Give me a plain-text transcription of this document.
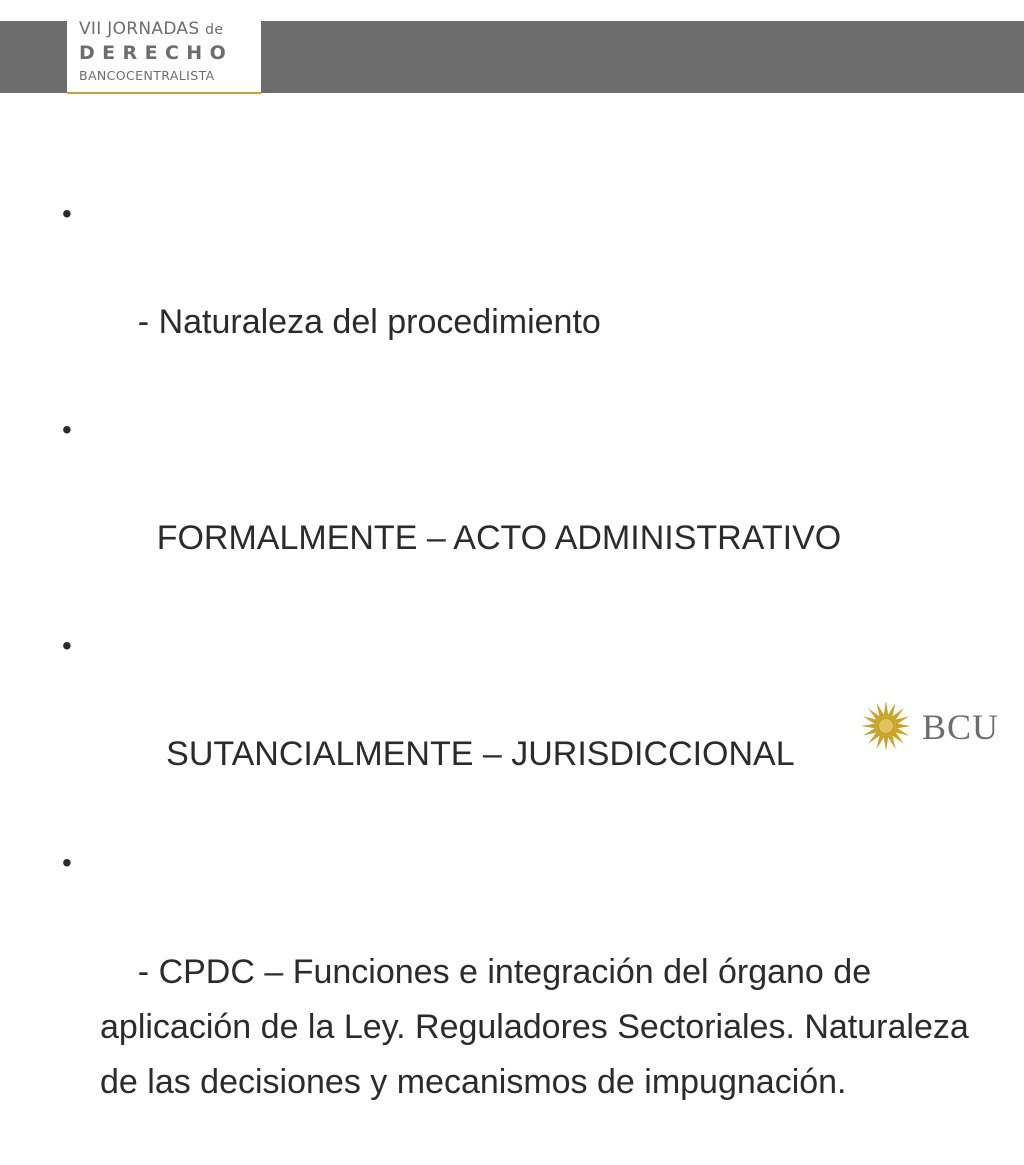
VII JORNADAS de
DERECHO
BANCOCENTRALISTA

•

- Naturaleza del procedimiento

•

FORMALMENTE – ACTO ADMINISTRATIVO

•

SUTANCIALMENTE – JURISDICCIONAL

•

- CPDC – Funciones e integración del órgano de aplicación de la Ley. Reguladores Sectoriales. Naturaleza de las decisiones y mecanismos de impugnación.

BCU
